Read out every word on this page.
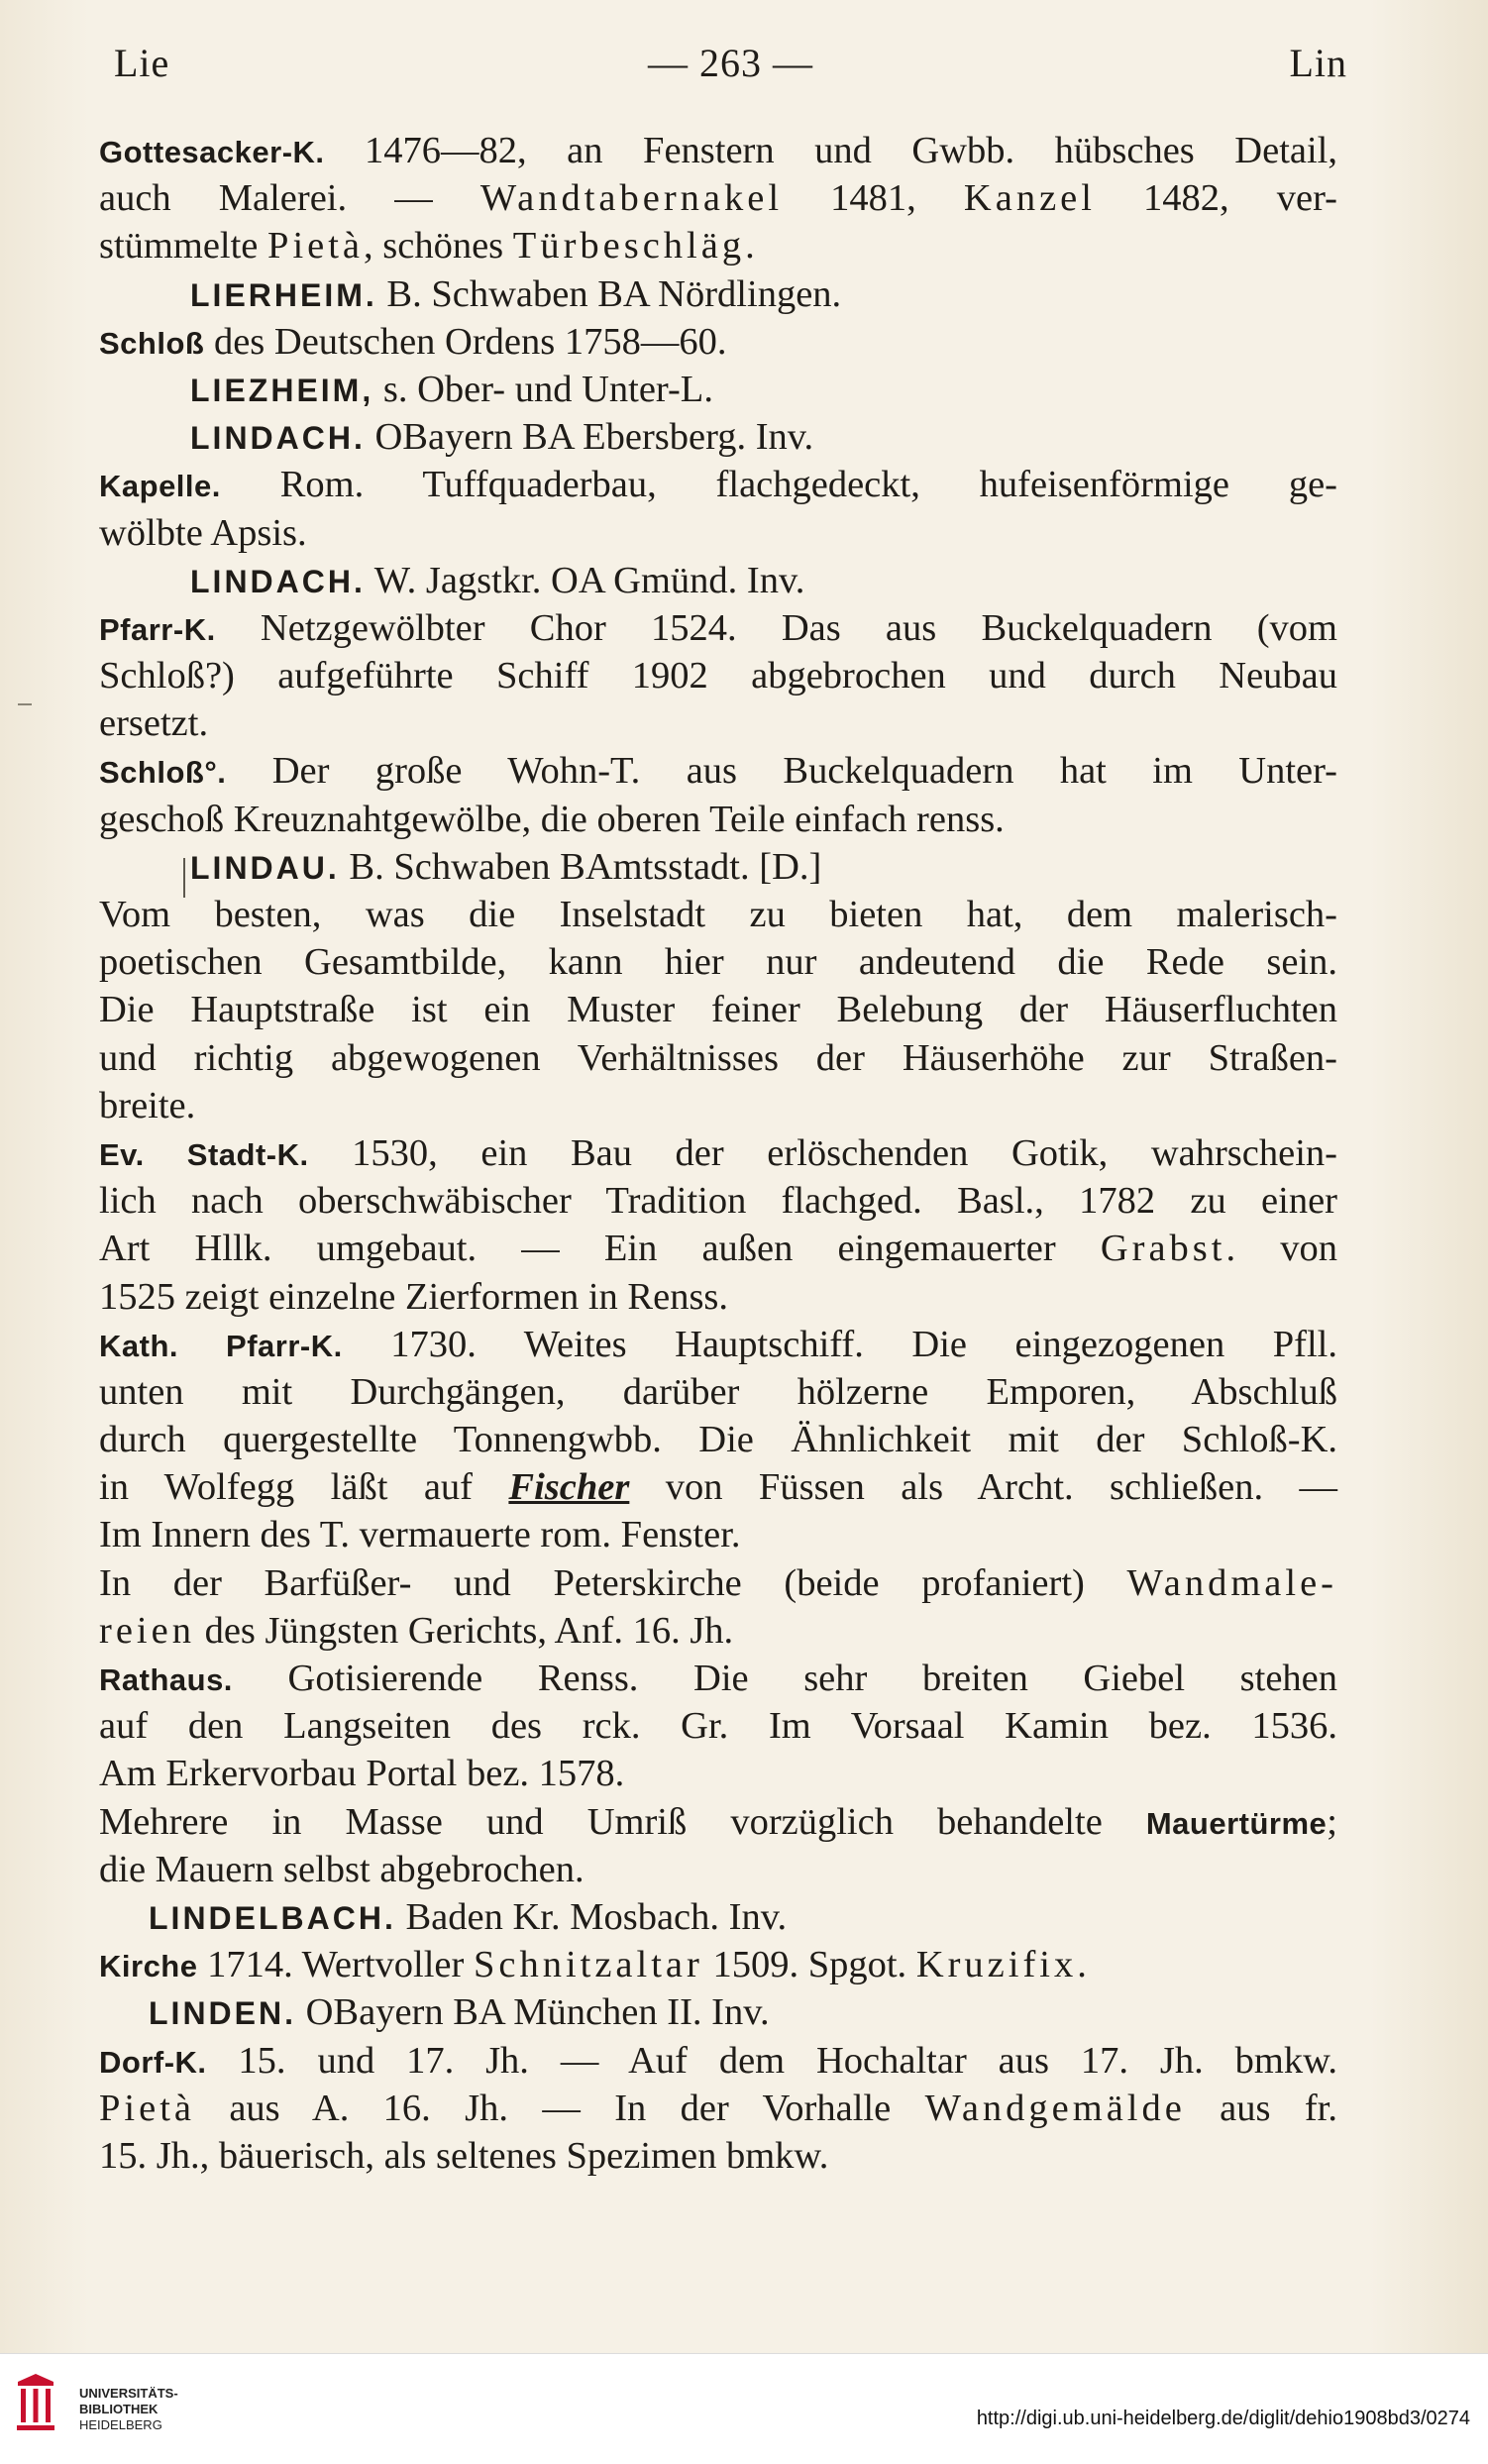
Lie	— 263 —	Lin
Gottesacker-K. 1476—82, an Fenstern und Gwbb. hübsches Detail,
auch Malerei. — Wandtabernakel 1481, Kanzel 1482, ver-
stümmelte Pietà, schönes Türbeschläg.
LIERHEIM. B. Schwaben BA Nördlingen.
Schloß des Deutschen Ordens 1758—60.
LIEZHEIM, s. Ober- und Unter-L.
LINDACH. OBayern BA Ebersberg. Inv.
Kapelle. Rom. Tuffquaderbau, flachgedeckt, hufeisenförmige ge-
wölbte Apsis.
LINDACH. W. Jagstkr. OA Gmünd. Inv.
Pfarr-K. Netzgewölbter Chor 1524. Das aus Buckelquadern (vom
Schloß?) aufgeführte Schiff 1902 abgebrochen und durch Neubau
ersetzt.
Schloß°. Der große Wohn-T. aus Buckelquadern hat im Unter-
geschoß Kreuznahtgewölbe, die oberen Teile einfach renss.
LINDAU. B. Schwaben BAmtsstadt. [D.]
Vom besten, was die Inselstadt zu bieten hat, dem malerisch-
poetischen Gesamtbilde, kann hier nur andeutend die Rede sein.
Die Hauptstraße ist ein Muster feiner Belebung der Häuserfluchten
und richtig abgewogenen Verhältnisses der Häuserhöhe zur Straßen-
breite.
Ev. Stadt-K. 1530, ein Bau der erlöschenden Gotik, wahrschein-
lich nach oberschwäbischer Tradition flachged. Basl., 1782 zu einer
Art Hllk. umgebaut. — Ein außen eingemauerter Grabst. von
1525 zeigt einzelne Zierformen in Renss.
Kath. Pfarr-K. 1730. Weites Hauptschiff. Die eingezogenen Pfll.
unten mit Durchgängen, darüber hölzerne Emporen, Abschluß
durch quergestellte Tonnengwbb. Die Ähnlichkeit mit der Schloß-K.
in Wolfegg läßt auf Fischer von Füssen als Archt. schließen. —
Im Innern des T. vermauerte rom. Fenster.
In der Barfüßer- und Peterskirche (beide profaniert) Wandmale-
reien des Jüngsten Gerichts, Anf. 16. Jh.
Rathaus. Gotisierende Renss. Die sehr breiten Giebel stehen
auf den Langseiten des rck. Gr. Im Vorsaal Kamin bez. 1536.
Am Erkervorbau Portal bez. 1578.
Mehrere in Masse und Umriß vorzüglich behandelte Mauertürme;
die Mauern selbst abgebrochen.
LINDELBACH. Baden Kr. Mosbach. Inv.
Kirche 1714. Wertvoller Schnitzaltar 1509. Spgot. Kruzifix.
LINDEN. OBayern BA München II. Inv.
Dorf-K. 15. und 17. Jh. — Auf dem Hochaltar aus 17. Jh. bmkw.
Pietà aus A. 16. Jh. — In der Vorhalle Wandgemälde aus fr.
15. Jh., bäuerisch, als seltenes Spezimen bmkw.
UNIVERSITÄTS-
BIBLIOTHEK
HEIDELBERG	http://digi.ub.uni-heidelberg.de/diglit/dehio1908bd3/0274
